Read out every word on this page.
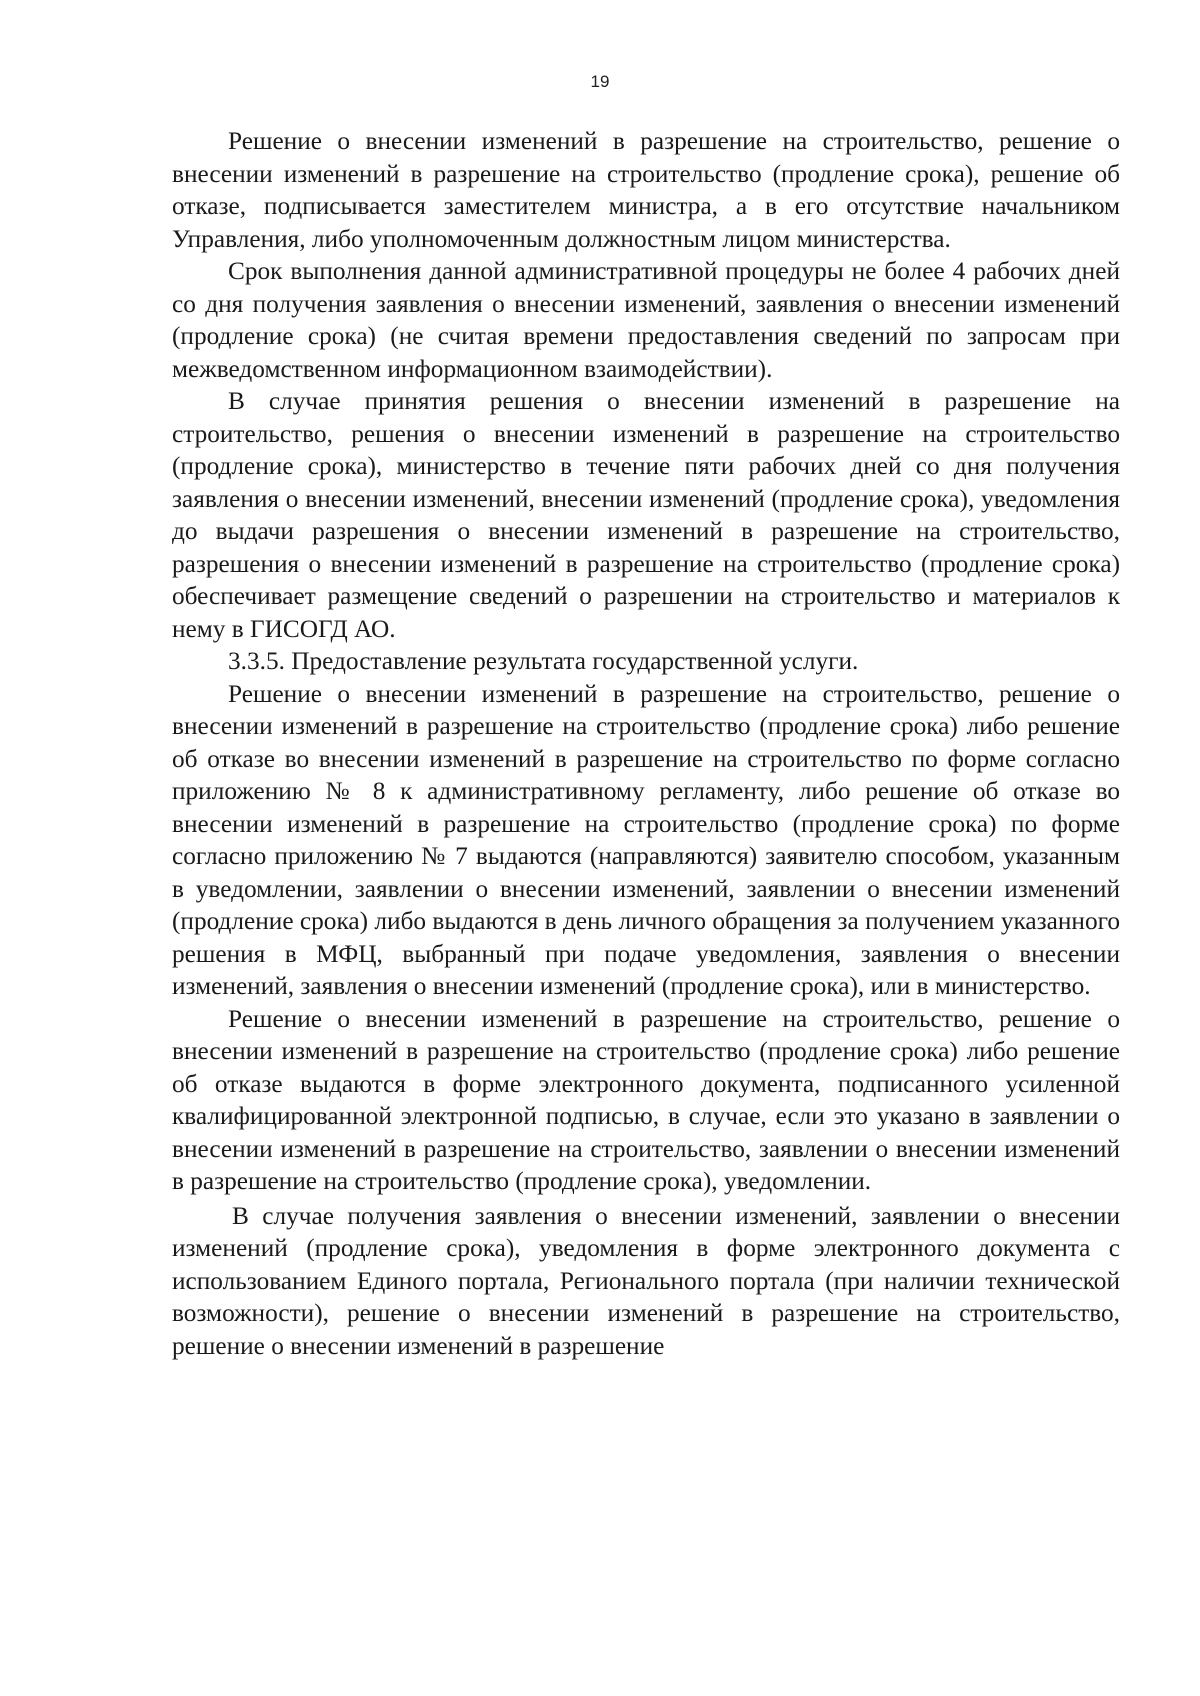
19

Решение о внесении изменений в разрешение на строительство, решение о внесении изменений в разрешение на строительство (продление срока), решение об отказе, подписывается заместителем министра, а в его отсутствие начальником Управления, либо уполномоченным должностным лицом министерства.

Срок выполнения данной административной процедуры не более 4 рабочих дней со дня получения заявления о внесении изменений, заявления о внесении изменений (продление срока) (не считая времени предоставления сведений по запросам при межведомственном информационном взаимодействии).

В случае принятия решения о внесении изменений в разрешение на строительство, решения о внесении изменений в разрешение на строительство (продление срока), министерство в течение пяти рабочих дней со дня получения заявления о внесении изменений, внесении изменений (продление срока), уведомления до выдачи разрешения о внесении изменений в разрешение на строительство, разрешения о внесении изменений в разрешение на строительство (продление срока) обеспечивает размещение сведений о разрешении на строительство и материалов к нему в ГИСОГД АО.

3.3.5. Предоставление результата государственной услуги.

Решение о внесении изменений в разрешение на строительство, решение о внесении изменений в разрешение на строительство (продление срока) либо решение об отказе во внесении изменений в разрешение на строительство по форме согласно приложению № 8 к административному регламенту, либо решение об отказе во внесении изменений в разрешение на строительство (продление срока) по форме согласно приложению № 7 выдаются (направляются) заявителю способом, указанным в уведомлении, заявлении о внесении изменений, заявлении о внесении изменений (продление срока) либо выдаются в день личного обращения за получением указанного решения в МФЦ, выбранный при подаче уведомления, заявления о внесении изменений, заявления о внесении изменений (продление срока), или в министерство.

Решение о внесении изменений в разрешение на строительство, решение о внесении изменений в разрешение на строительство (продление срока) либо решение об отказе выдаются в форме электронного документа, подписанного усиленной квалифицированной электронной подписью, в случае, если это указано в заявлении о внесении изменений в разрешение на строительство, заявлении о внесении изменений в разрешение на строительство (продление срока), уведомлении.

В случае получения заявления о внесении изменений, заявлении о внесении изменений (продление срока), уведомления в форме электронного документа с использованием Единого портала, Регионального портала (при наличии технической возможности), решение о внесении изменений в разрешение на строительство, решение о внесении изменений в разрешение
